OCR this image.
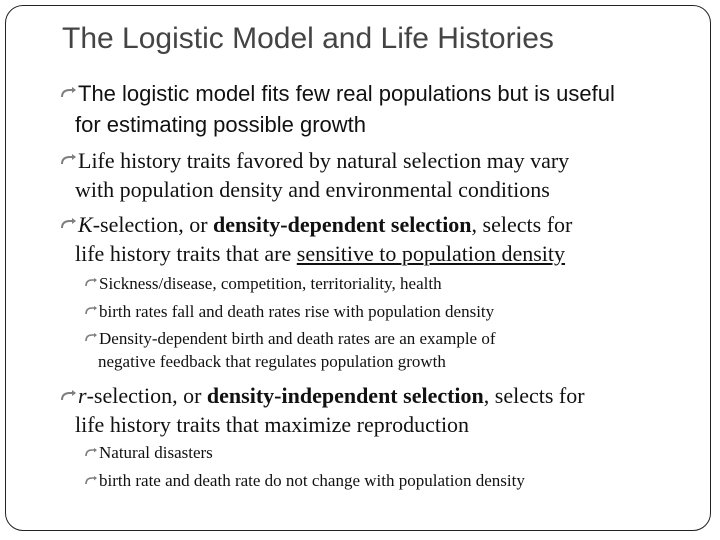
The Logistic Model and Life Histories
The logistic model fits few real populations but is useful
for estimating possible growth
Life history traits favored by natural selection may vary
with population density and environmental conditions
K-selection, or density-dependent selection, selects for
life history traits that are sensitive to population density
Sickness/disease, competition, territoriality, health
birth rates fall and death rates rise with population density
Density-dependent birth and death rates are an example of
negative feedback that regulates population growth
r-selection, or density-independent selection, selects for
life history traits that maximize reproduction
Natural disasters
birth rate and death rate do not change with population density
